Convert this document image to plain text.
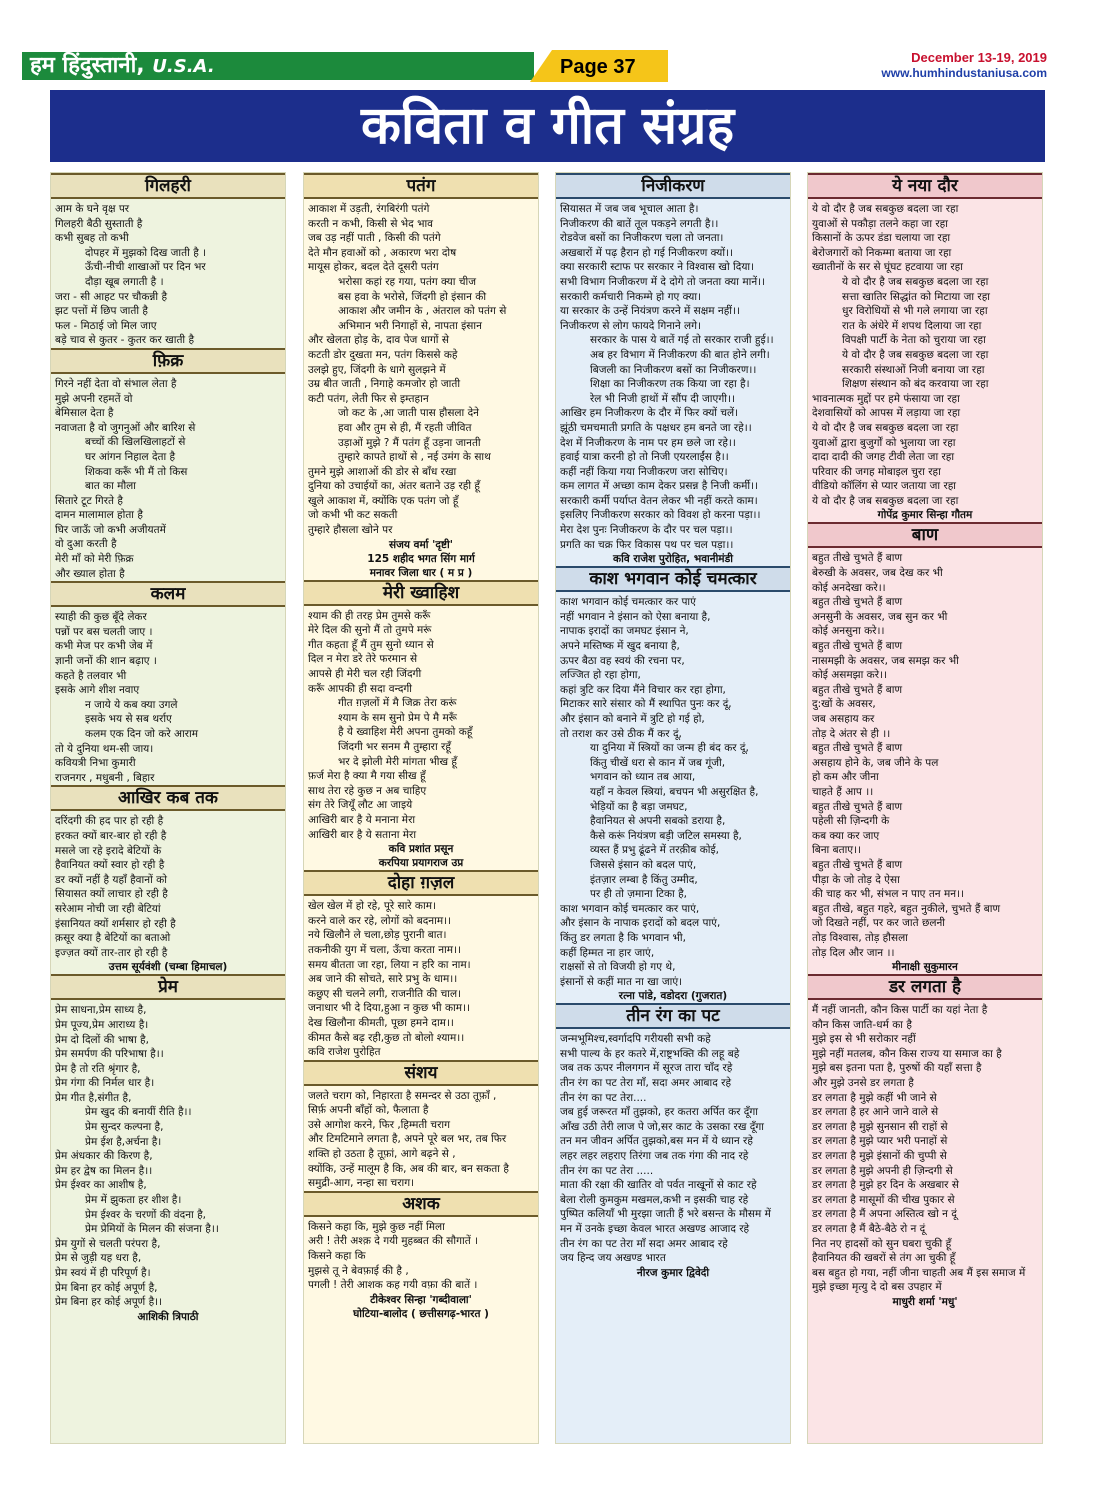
हम हिंदुस्तानी, U.S.A.	Page 37	December 13-19, 2019
www.humhindustaniusa.com
कविता व गीत संग्रह
गिलहरी
आम के घने वृक्ष पर
गिलहरी बैठी सुस्ताती है
कभी सुबह तो कभी
दोपहर में मुझको दिख जाती है ।
ऊँची-नीची शाखाओं पर दिन भर
दौड़ा खूब लगाती है ।
जरा - सी आहट पर चौकन्नी है
झट पत्तों में छिप जाती है
फल - मिठाई जो मिल जाए
बड़े चाव से कुतर - कुतर कर खाती है
फ़िक्र
गिरने नहीं देता वो संभाल लेता है
मुझे अपनी रहमतें वो
बेमिसाल देता है
नवाजता है वो जुगनुओं और बारिश से
बच्चों की खिलखिलाहटों से
घर आंगन निहाल देता है
शिकवा करूँ भी मैं तो किस
बात का मौला
सितारे टूट गिरते है
दामन मालामाल होता है
घिर जाऊँ जो कभी अजीयतमें
वो दुआ करती है
मेरी माँ को मेरी फ़िक्र
और ख्याल होता है
कलम
स्याही की कुछ बूँदे लेकर
पन्नों पर बस चलती जाए ।
कभी मेज पर कभी जेब में
ज्ञानी जनों की शान बढ़ाए ।
कहते है तलवार भी
इसके आगे शीश नवाए
न जाये ये कब क्या उगले
इसके भय से सब थर्राए
कलम एक दिन जो करे आराम
तो ये दुनिया थम-सी जाय।
कवियत्री निभा कुमारी
राजनगर , मधुबनी , बिहार
आखिर कब तक
दरिंदगी की हद पार हो रही है
हरकत क्यों बार-बार हो रही है
मसले जा रहे इरादे बेटियों के
हैवानियत क्यों स्वार हो रही है
डर क्यों नहीं है यहाँ हैवानों को
सियासत क्यों लाचार हो रही है
सरेआम नोची जा रही बेटियां
इंसानियत क्यों शर्मसार हो रही है
क़सूर क्या है बेटियों का बताओ
इज्ज़त क्यों तार-तार हो रही है
उत्तम सूर्यवंशी (चम्बा हिमाचल)
प्रेम
प्रेम साधना,प्रेम साध्य है,
प्रेम पूज्य,प्रेम आराध्य है।
प्रेम दो दिलों की भाषा है,
प्रेम समर्पण की परिभाषा है।।
प्रेम है तो रति श्रृंगार है,
प्रेम गंगा की निर्मल धार है।
प्रेम गीत है,संगीत है,
प्रेम खुद की बनायीं रीति है।।
प्रेम सुन्दर कल्पना है,
प्रेम ईश है,अर्चना है।
प्रेम अंधकार की किरण है,
प्रेम हर द्वेष का मिलन है।।
प्रेम ईश्वर का आशीष है,
प्रेम में झुकता हर शीश है।
प्रेम ईश्वर के चरणों की वंदना है,
प्रेम प्रेमियों के मिलन की संजना है।।
प्रेम युगों से चलती परंपरा है,
प्रेम से जुड़ी यह धरा है,
प्रेम स्वयं में ही परिपूर्ण है।
प्रेम बिना हर कोई अपूर्ण है,
प्रेम बिना हर कोई अपूर्ण है।।
आशिकी त्रिपाठी
पतंग
आकाश में उड़ती, रंगबिरंगी पतंगे
करती न कभी, किसी से भेद भाव
जब उड़ नहीं पाती , किसी की पतंगे
देते मौन हवाओं को , अकारण भरा दोष
मायूस होकर, बदल देते दूसरी पतंग
भरोसा कहां रह गया, पतंग क्या चीज
बस हवा के भरोसे, जिंदगी हो इंसान की
आकाश और जमीन के , अंतराल को पतंग से
अभिमान भरी निगाहों से, नापता इंसान
और खेलता होड़ के, दाव पेज धागों से
कटती डोर दुखता मन, पतंग किससे कहे
उलझे हुए, जिंदगी के धागे सुलझने में
उम्र बीत जाती , निगाहे कमजोर हो जाती
कटी पतंग, लेती फिर से इम्तहान
जो कट के ,आ जाती पास हौसला देने
हवा और तुम से ही, मैं रहती जीवित
उड़ाओं मुझे ? मैं पतंग हूँ उड़ना जानती
तुम्हारे कापते हाथों से , नई उमंग के साथ
तुमने मुझे आशाओं की डोर से बाँध रखा
दुनिया को उचाईयों का, अंतर बताने उड़ रही हूँ
खुले आकाश में, क्योंकि एक पतंग जो हूँ
जो कभी भी कट सकती
तुम्हारे हौसला खोने पर
संजय वर्मा 'दृष्टी'
125 शहीद भगत सिंग मार्ग
मनावर जिला धार ( म प्र )
मेरी ख्वाहिश
श्याम की ही तरह प्रेम तुमसे करूँ
मेरे दिल की सुनो मैं तो तुमपे मरूं
गीत कहता हूँ मैं तुम सुनो ध्यान से
दिल न मेरा डरे तेरे फरमान से
आपसे ही मेरी चल रही जिंदगी
करूँ आपकी ही सदा वन्दगी
गीत ग़ज़लों में मै जिक्र तेरा करूं
श्याम के सम सुनो प्रेम पे मै मरूँ
है ये ख्वाहिश मेरी अपना तुमको कहूँ
जिंदगी भर सनम मै तुम्हारा रहूँ
भर दे झोली मेरी मांगता भीख हूँ
फ़र्ज मेरा है क्या मै गया सीख हूँ
साथ तेरा रहे कुछ न अब चाहिए
संग तेरे जियूँ लौट आ जाइये
आखिरी बार है ये मनाना मेरा
आखिरी बार है ये सताना मेरा
कवि प्रशांत प्रसून
करपिया प्रयागराज उप्र
दोहा ग़ज़ल
खेल खेल में हो रहे, पूरे सारे काम।
करने वाले कर रहे, लोगों को बदनाम।।
नये खिलौने ले चला,छोड़ पुरानी बात।
तकनीकी युग में चला, ऊँचा करता नाम।।
समय बीतता जा रहा, लिया न हरि का नाम।
अब जाने की सोचते, सारे प्रभु के धाम।।
कछुए सी चलने लगी, राजनीति की चाल।
जनाधार भी दे दिया,हुआ न कुछ भी काम।।
देख खिलौना कीमती, पूछा हमने दाम।।
कीमत कैसे बढ़ रही,कुछ तो बोलो श्याम।।
कवि राजेश पुरोहित
संशय
जलते चराग को, निहारता है समन्दर से उठा तूफ़ाँ ,
सिर्फ़ अपनी बाँहों को, फैलाता है
उसे आगोश करने, फिर ,हिम्मती चराग
और टिमटिमाने लगता है, अपने पूरे बल भर, तब फिर
शक्ति हो उठता है तूफ़ां, आगे बढ़ने से ,
क्योंकि, उन्हें मालूम है कि, अब की बार, बन सकता है
समुद्री-आग, नन्हा सा चराग।
अशक
किसने कहा कि, मुझे कुछ नहीं मिला
अरी ! तेरी अश्क़ दे गयी मुहब्बत की सौगातें ।
किसने कहा कि
मुझसे तू ने बेवफ़ाई की है ,
पगली ! तेरी आशक कह गयी वफ़ा की बातें ।
टीकेश्वर सिन्हा 'गब्दीवाला'
घोटिया-बालोद ( छत्तीसगढ़-भारत )
निजीकरण
सियासत में जब जब भूचाल आता है।
निजीकरण की बातें तूल पकड़ने लगती है।।
रोडवेज बसों का निजीकरण चला तो जनता।
अखबारों में पढ़ हैरान हो गई निजीकरण क्यों।।
क्या सरकारी स्टाफ पर सरकार ने विश्वास खो दिया।
सभी विभाग निजीकरण में दे दोगे तो जनता क्या मानें।।
सरकारी कर्मचारी निकम्मे हो गए क्या।
या सरकार के उन्हें नियंत्रण करने में सक्षम नहीं।।
निजीकरण से लोग फायदे गिनाने लगे।
सरकार के पास ये बातें गई तो सरकार राजी हुई।।
अब हर विभाग में निजीकरण की बात होने लगी।
बिजली का निजीकरण बसों का निजीकरण।।
शिक्षा का निजीकरण तक किया जा रहा है।
रेल भी निजी हाथों में सौंप दी जाएगी।।
आखिर हम निजीकरण के दौर में फिर क्यों चलें।
झूंठी चमचमाती प्रगति के पक्षधर हम बनते जा रहे।।
देश में निजीकरण के नाम पर हम छले जा रहे।।
हवाई यात्रा करनी हो तो निजी एयरलाईंस है।।
कहीं नहीं किया गया निजीकरण जरा सोचिए।
कम लागत में अच्छा काम देकर प्रसन्न है निजी कर्मी।।
सरकारी कर्मी पर्याप्त वेतन लेकर भी नहीं करते काम।
इसलिए निजीकरण सरकार को विवश हो करना पड़ा।।
मेरा देश पुनः निजीकरण के दौर पर चल पड़ा।।
प्रगति का चक्र फिर विकास पथ पर चल पड़ा।।
कवि राजेश पुरोहित, भवानीमंडी
काश भगवान कोई चमत्कार
काश भगवान कोई चमत्कार कर पाएं
नहीं भगवान ने इंसान को ऐसा बनाया है,
नापाक इरादों का जमघट इंसान ने,
अपने मस्तिष्क में खुद बनाया है,
ऊपर बैठा वह स्वयं की रचना पर,
लज्जित हो रहा होगा,
कहां त्रुटि कर दिया मैंने विचार कर रहा होगा,
मिटाकर सारे संसार को मैं स्थापित पुनः कर दूं,
और इंसान को बनाने में त्रुटि हो गई हो,
तो तराश कर उसे ठीक मैं कर दूं,
या दुनिया में स्त्रियों का जन्म ही बंद कर दूं,
किंतु चीखें धरा से कान में जब गूंजी,
भगवान को ध्यान तब आया,
यहाँ न केवल स्त्रियां, बचपन भी असुरक्षित है,
भेड़ियों का है बड़ा जमघट,
हैवानियत से अपनी सबको डराया है,
कैसे करूं नियंत्रण बड़ी जटिल समस्या है,
व्यस्त हैं प्रभु ढूंढने में तरक़ीब कोई,
जिससे इंसान को बदल पाएं,
इंतज़ार लम्बा है किंतु उम्मीद,
पर ही तो ज़माना टिका है,
काश भगवान कोई चमत्कार कर पाएं,
और इंसान के नापाक इरादों को बदल पाएं,
किंतु डर लगता है कि भगवान भी,
कहीं हिम्मत ना हार जाएं,
राक्षसों से तो विजयी हो गए थे,
इंसानों से कहीं मात ना खा जाएं।
रत्ना पांडे, वडोदरा (गुजरात)
तीन रंग का पट
जन्मभूमिश्च,स्वर्गादपि गरीयसी सभी कहे
सभी पाल्य के हर कतरे में,राष्ट्रभक्ति की लहू बहे
जब तक ऊपर नीलगगन में सूरज तारा चाँद रहे
तीन रंग का पट तेरा माँ, सदा अमर आबाद रहे
तीन रंग का पट तेरा....
जब हुई जरूरत माँ तुझको, हर कतरा अर्पित कर दूँगा
आँख उठी तेरी लाज पे जो,सर काट के उसका रख दूँगा
तन मन जीवन अर्पित तुझको,बस मन में ये ध्यान रहे
लहर लहर लहराए तिरंगा जब तक गंगा की नाद रहे
तीन रंग का पट तेरा .....
माता की रक्षा की खातिर वो पर्वत नाखूनों से काट रहे
बेला रोली कुमकुम मखमल,कभी न इसकी चाह रहे
पुष्पित कलियाँ भी मुरझा जाती हैं भरे बसन्त के मौसम में
मन में उनके इच्छा केवल भारत अखण्ड आजाद रहे
तीन रंग का पट तेरा माँ सदा अमर आबाद रहे
जय हिन्द जय अखण्ड भारत
नीरज कुमार द्विवेदी
ये नया दौर
ये वो दौर है जब सबकुछ बदला जा रहा
युवाओं से पकौड़ा तलने कहा जा रहा
किसानों के ऊपर डंडा चलाया जा रहा
बेरोजगारों को निकम्मा बताया जा रहा
ख्वातीनों के सर से घूंघट हटवाया जा रहा
ये वो दौर है जब सबकुछ बदला जा रहा
सत्ता खातिर सिद्धांत को मिटाया जा रहा
धुर विरोधियों से भी गले लगाया जा रहा
रात के अंधेरे में शपथ दिलाया जा रहा
विपक्षी पार्टी के नेता को चुराया जा रहा
ये वो दौर है जब सबकुछ बदला जा रहा
सरकारी संस्थाओं निजी बनाया जा रहा
शिक्षण संस्थान को बंद करवाया जा रहा
भावनात्मक मुद्दों पर हमे फंसाया जा रहा
देशवासियों को आपस में लड़ाया जा रहा
ये वो दौर है जब सबकुछ बदला जा रहा
युवाओं द्वारा बुजुर्गों को भुलाया जा रहा
दादा दादी की जगह टीवी लेता जा रहा
परिवार की जगह मोबाइल चुरा रहा
वीडियो कॉलिंग से प्यार जताया जा रहा
ये वो दौर है जब सबकुछ बदला जा रहा
गोपेंद्र कुमार सिन्हा गौतम
बाण
बहुत तीखे चुभते हैं बाण
बेरुखी के अवसर, जब देख कर भी
कोई अनदेखा करे।।
बहुत तीखे चुभते हैं बाण
अनसुनी के अवसर, जब सुन कर भी
कोई अनसुना करे।।
बहुत तीखे चुभते हैं बाण
नासमझी के अवसर, जब समझ कर भी
कोई असमझा करे।।
बहुत तीखे चुभते हैं बाण
दु:खों के अवसर,
जब असहाय कर
तोड़ दे अंतर से ही ।।
बहुत तीखे चुभते हैं बाण
असहाय होने के, जब जीने के पल
हो कम और जीना
चाहते हैं आप ।।
बहुत तीखे चुभते हैं बाण
पहेली सी ज़िन्दगी के
कब क्या कर जाए
बिना बताए।।
बहुत तीखे चुभते हैं बाण
पीड़ा के जो तोड़ दे ऐसा
की चाह कर भी, संभल न पाए तन मन।।
बहुत तीखे, बहुत गहरे, बहुत नुकीले, चुभते हैं बाण
जो दिखते नहीं, पर कर जाते छलनी
तोड़ विश्वास, तोड़ हौसला
तोड़ दिल और जान ।।
मीनाक्षी सुकुमारन
डर लगता है
मैं नहीं जानती, कौन किस पार्टी का यहां नेता है
कौन किस जाति-धर्म का है
मुझे इस से भी सरोकार नहीं
मुझे नहीं मतलब, कौन किस राज्य या समाज का है
मुझे बस इतना पता है, पुरुषों की यहाँ सत्ता है
और मुझे उनसे डर लगता है
डर लगता है मुझे कहीं भी जाने से
डर लगता है हर आने जाने वाले से
डर लगता है मुझे सुनसान सी राहों से
डर लगता है मुझे प्यार भरी पनाहों से
डर लगता है मुझे इंसानों की चुप्पी से
डर लगता है मुझे अपनी ही ज़िन्दगी से
डर लगता है मुझे हर दिन के अखबार से
डर लगता है मासूमों की चीख पुकार से
डर लगता है मैं अपना अस्तित्व खो न दूं
डर लगता है मैं बैठे-बैठे रो न दूं
नित नए हादसों को सुन घबरा चुकी हूँ
हैवानियत की खबरों से तंग आ चुकी हूँ
बस बहुत हो गया, नहीं जीना चाहती अब मैं इस समाज में
मुझे इच्छा मृत्यु दे दो बस उपहार में
माधुरी शर्मा 'मधु'
